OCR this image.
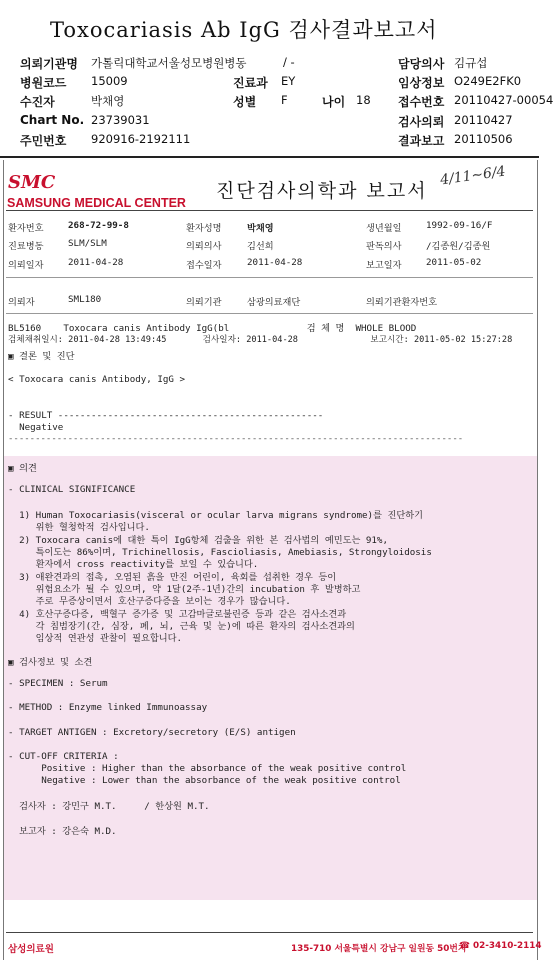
Toxocariasis Ab IgG 검사결과보고서
의뢰기관명 가톨릭대학교서울성모병원병동	/ -	담당의사 김규섭
병원코드 15009	진료과 EY	임상정보 O249E2FK0
수진자	박채영	성별 F	나이 18 접수번호 20110427-00054
Chart No. 23739031	검사의뢰 20110427
주민번호 920916-2192111	결과보고 20110506
SMC
SAMSUNG MEDICAL CENTER
진단검사의학과 보고서
4/11~6/4
환자번호	268-72-99-8	환자성명	박채영	생년월일	1992-09-16/F
진료병동	SLM/SLM	의뢰의사	김선희	판독의사	/김종원/김종원
의뢰일자	2011-04-28	접수일자	2011-04-28	보고일자	2011-05-02
의뢰자	SML180	의뢰기관	삼광의료재단	의뢰기관환자번호
BL5160    Toxocara canis Antibody IgG(bl              검 체 명  WHOLE BLOOD
검체채취일시: 2011-04-28 13:49:45       검사일자: 2011-04-28              보고시간: 2011-05-02 15:27:28
▣ 결론 및 진단
< Toxocara canis Antibody, IgG >
- RESULT ------------------------------------------------
Negative
------------------------------------------------------------------------------------
▣ 의견
- CLINICAL SIGNIFICANCE
1) Human Toxocariasis(visceral or ocular larva migrans syndrome)를 진단하기
위한 혈청학적 검사입니다.
2) Toxocara canis에 대한 특이 IgG항체 검출을 위한 본 검사법의 예민도는 91%,
특이도는 86%이며, Trichinellosis, Fascioliasis, Amebiasis, Strongyloidosis
환자에서 cross reactivity를 보일 수 있습니다.
3) 애완견과의 접촉, 오염된 흙을 만진 어린이, 육회를 섭취한 경우 등이
위험요소가 될 수 있으며, 약 1달(2주-1년)간의 incubation 후 발병하고
주로 무증상이면서 호산구증다증을 보이는 경우가 많습니다.
4) 호산구증다증, 백혈구 증가증 및 고감마글로불린증 등과 같은 검사소견과
각 침범장기(간, 심장, 폐, 뇌, 근육 및 눈)에 따른 환자의 검사소견과의
임상적 연관성 관찰이 필요합니다.
▣ 검사정보 및 소견
- SPECIMEN : Serum
- METHOD : Enzyme linked Immunoassay
- TARGET ANTIGEN : Excretory/secretory (E/S) antigen
- CUT-OFF CRITERIA :
Positive : Higher than the absorbance of the weak positive control
Negative : Lower than the absorbance of the weak positive control
검사자 : 강민구 M.T.     / 한상원 M.T.
보고자 : 강은숙 M.D.
삼성의료원	135-710 서울특별시 강남구 일원동 50번지
☎ 02-3410-2114
